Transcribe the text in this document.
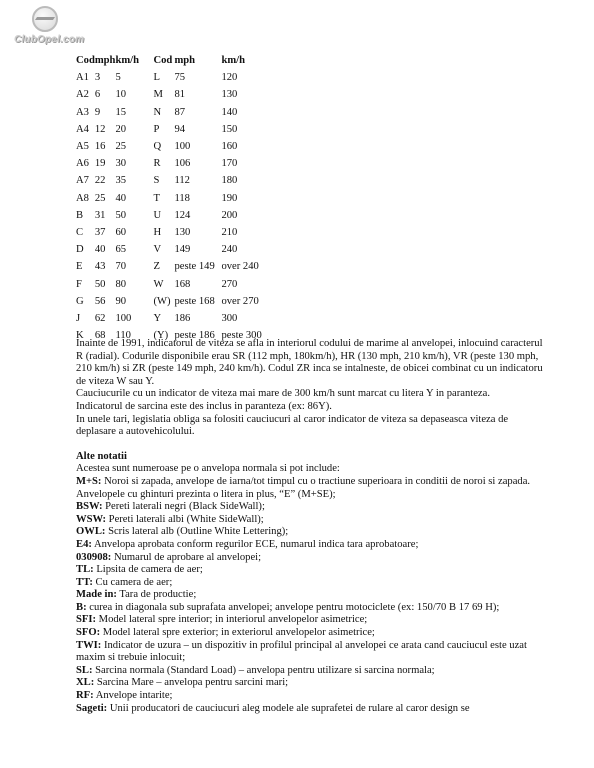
ClubOpel.com
Cod	mph	km/h	Cod	mph	km/h
A1	3	5	L	75	120
A2	6	10	M	81	130
A3	9	15	N	87	140
A4	12	20	P	94	150
A5	16	25	Q	100	160
A6	19	30	R	106	170
A7	22	35	S	112	180
A8	25	40	T	118	190
B	31	50	U	124	200
C	37	60	H	130	210
D	40	65	V	149	240
E	43	70	Z	peste 149	over 240
F	50	80	W	168	270
G	56	90	(W)	peste 168	over 270
J	62	100	Y	186	300
K	68	110	(Y)	peste 186	peste 300

Inainte de 1991, indicatorul de viteza se afla in interiorul codului de marime al anvelopei, inlocuind caracterul R (radial). Codurile disponibile erau SR (112 mph, 180km/h), HR (130 mph, 210 km/h), VR (peste 130 mph, 210 km/h) si ZR (peste 149 mph, 240 km/h). Codul ZR inca se intalneste, de obicei combinat cu un indicatoru de viteza W sau Y.

Cauciucurile cu un indicator de viteza mai mare de 300 km/h sunt marcat cu litera Y in paranteza.

Indicatorul de sarcina este des inclus in paranteza (ex: 86Y).

In unele tari, legislatia obliga sa folositi cauciucuri al caror indicator de viteza sa depaseasca viteza de deplasare a autovehicolului.

Alte notatii

Acestea sunt numeroase pe o anvelopa normala si pot include:

M+S: Noroi si zapada, anvelope de iarna/tot timpul cu o tractiune superioara in conditii de noroi si zapada. Anvelopele cu ghinturi prezinta o litera in plus, “E” (M+SE);

BSW: Pereti laterali negri (Black SideWall);

WSW: Pereti laterali albi (White SideWall);

OWL: Scris lateral alb (Outline White Lettering);

E4: Anvelopa aprobata conform regurilor ECE, numarul indica tara aprobatoare;

030908: Numarul de aprobare al anvelopei;

TL: Lipsita de camera de aer;

TT: Cu camera de aer;

Made in: Tara de productie;

B: curea in diagonala sub suprafata anvelopei; anvelope pentru motociclete (ex: 150/70 B 17 69 H);

SFI: Model lateral spre interior; in interiorul anvelopelor asimetrice;

SFO: Model lateral spre exterior; in exteriorul anvelopelor asimetrice;

TWI: Indicator de uzura – un dispozitiv in profilul principal al anvelopei ce arata cand cauciucul este uzat maxim si trebuie inlocuit;

SL: Sarcina normala (Standard Load) – anvelopa pentru utilizare si sarcina normala;

XL: Sarcina Mare – anvelopa pentru sarcini mari;

RF: Anvelope intarite;

Sageti: Unii producatori de cauciucuri aleg modele ale suprafetei de rulare al caror design se
